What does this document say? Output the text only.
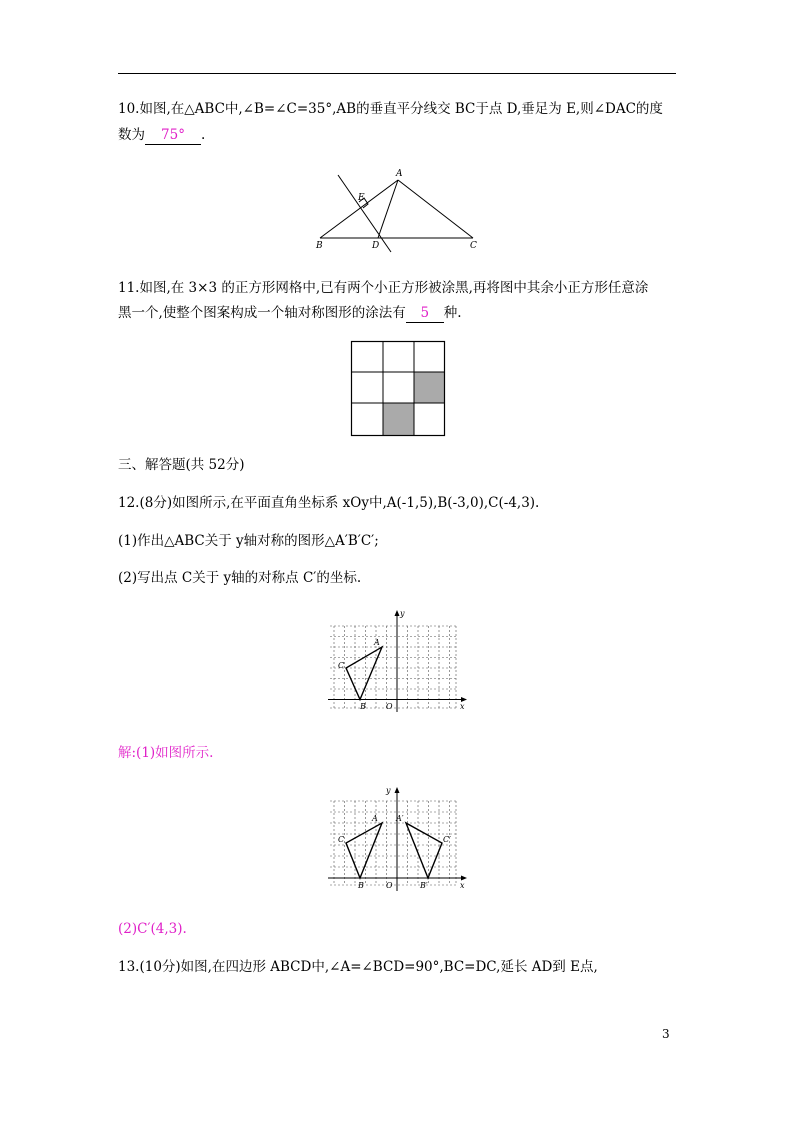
10.如图,在△ABC中,∠B=∠C=35°,AB的垂直平分线交 BC于点 D,垂足为 E,则∠DAC的度
数为 75° .
A
E
B	D	C
11.如图,在 3×3 的正方形网格中,已有两个小正方形被涂黑,再将图中其余小正方形任意涂
黑一个,使整个图案构成一个轴对称图形的涂法有 5 种.
三、解答题(共 52分)
12.(8分)如图所示,在平面直角坐标系 xOy中,A(-1,5),B(-3,0),C(-4,3).
(1)作出△ABC关于 y轴对称的图形△A′B′C′;
(2)写出点 C关于 y轴的对称点 C′的坐标.
y
x
O
A
B
C
解:(1)如图所示.
y
x
O
A
B
C
A′
B′
C′
(2)C′(4,3).
13.(10分)如图,在四边形 ABCD中,∠A=∠BCD=90°,BC=DC,延长 AD到 E点,
3
